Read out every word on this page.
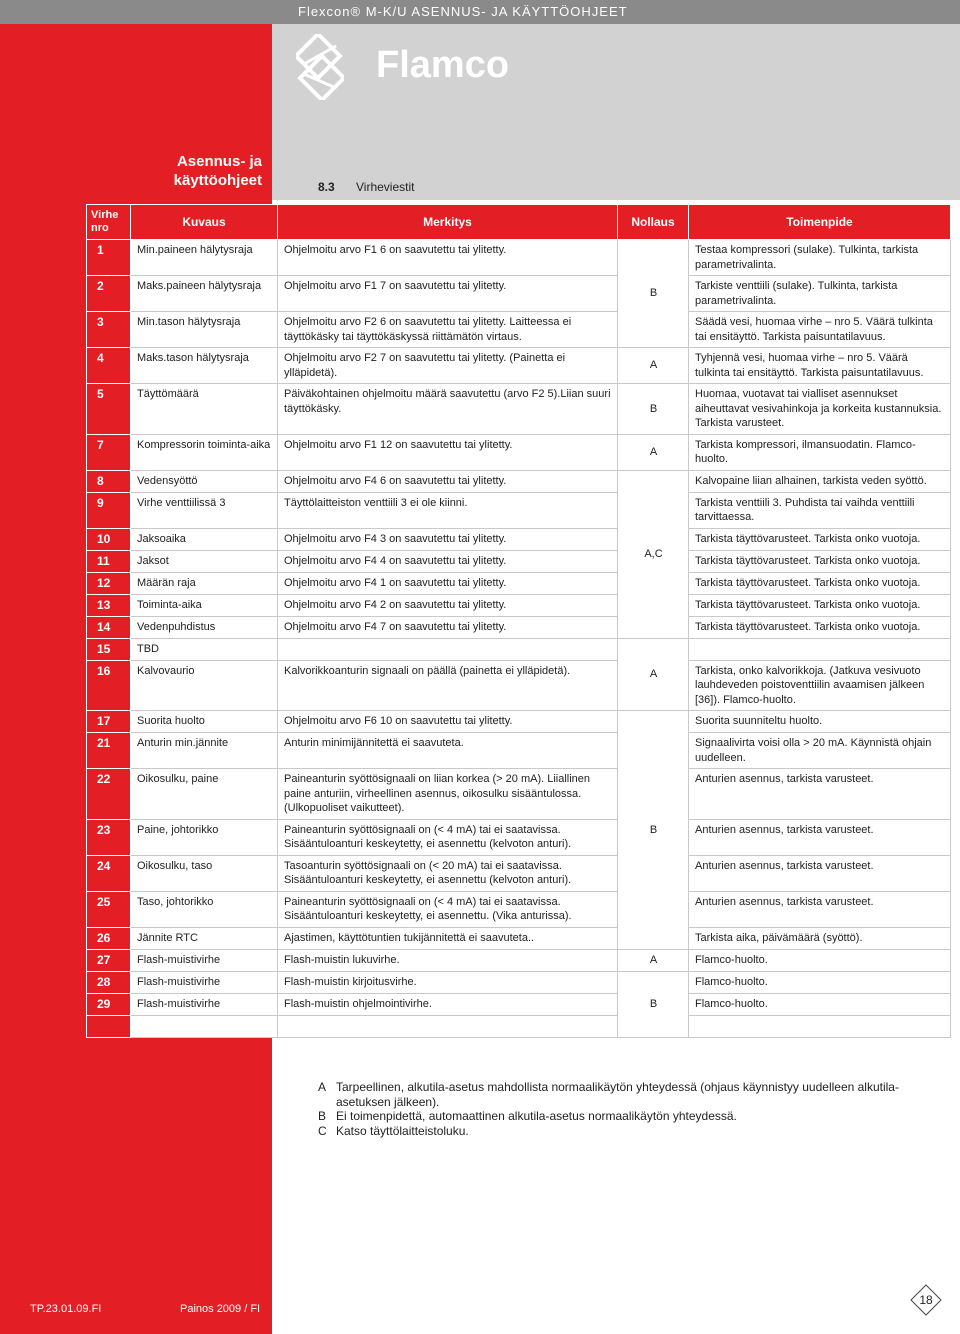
Flexcon® M-K/U ASENNUS- JA KÄYTTÖOHJEET
Flamco
Asennus- ja
käyttöohjeet	8.3 Virheviestit
Virhe
nro	Kuvaus	Merkitys	Nollaus	Toimenpide
1	Min.paineen hälytysraja	Ohjelmoitu arvo F1 6 on saavutettu tai ylitetty.	B	Testaa kompressori (sulake). Tulkinta, tarkista parametrivalinta.
2	Maks.paineen hälytysraja	Ohjelmoitu arvo F1 7 on saavutettu tai ylitetty.		Tarkiste venttiili (sulake). Tulkinta, tarkista parametrivalinta.
3	Min.tason hälytysraja	Ohjelmoitu arvo F2 6 on saavutettu tai ylitetty. Laitteessa ei täyttökäsky tai täyttökäskyssä riittämätön virtaus.		Säädä vesi, huomaa virhe – nro 5. Väärä tulkinta tai ensitäyttö. Tarkista paisuntatilavuus.
4	Maks.tason hälytysraja	Ohjelmoitu arvo F2 7 on saavutettu tai ylitetty. (Painetta ei ylläpidetä).	A	Tyhjennä vesi, huomaa virhe – nro 5. Väärä tulkinta tai ensitäyttö. Tarkista paisuntatilavuus.
5	Täyttömäärä	Päiväkohtainen ohjelmoitu määrä saavutettu (arvo F2 5).Liian suuri täyttökäsky.	B	Huomaa, vuotavat tai vialliset asennukset aiheuttavat vesivahinkoja ja korkeita kustannuksia. Tarkista varusteet.
7	Kompressorin toiminta-aika	Ohjelmoitu arvo F1 12 on saavutettu tai ylitetty.	A	Tarkista kompressori, ilmansuodatin. Flamco-huolto.
8	Vedensyöttö	Ohjelmoitu arvo F4 6 on saavutettu tai ylitetty.	A,C	Kalvopaine liian alhainen, tarkista veden syöttö.
9	Virhe venttiilissä 3	Täyttölaitteiston venttiili 3 ei ole kiinni.		Tarkista venttiili 3. Puhdista tai vaihda venttiili tarvittaessa.
10	Jaksoaika	Ohjelmoitu arvo F4 3 on saavutettu tai ylitetty.		Tarkista täyttövarusteet. Tarkista onko vuotoja.
11	Jaksot	Ohjelmoitu arvo F4 4 on saavutettu tai ylitetty.		Tarkista täyttövarusteet. Tarkista onko vuotoja.
12	Määrän raja	Ohjelmoitu arvo F4 1 on saavutettu tai ylitetty.		Tarkista täyttövarusteet. Tarkista onko vuotoja.
13	Toiminta-aika	Ohjelmoitu arvo F4 2 on saavutettu tai ylitetty.		Tarkista täyttövarusteet. Tarkista onko vuotoja.
14	Vedenpuhdistus	Ohjelmoitu arvo F4 7 on saavutettu tai ylitetty.		Tarkista täyttövarusteet. Tarkista onko vuotoja.
15	TBD		A	
16	Kalvovaurio	Kalvorikkoanturin signaali on päällä (painetta ei ylläpidetä).		Tarkista, onko kalvorikkoja. (Jatkuva vesivuoto lauhdeveden poistoventtiilin avaamisen jälkeen [36]). Flamco-huolto.
17	Suorita huolto	Ohjelmoitu arvo F6 10 on saavutettu tai ylitetty.	B	Suorita suunniteltu huolto.
21	Anturin min.jännite	Anturin minimijännitettä ei saavuteta.		Signaalivirta voisi olla > 20 mA. Käynnistä ohjain uudelleen.
22	Oikosulku, paine	Paineanturin syöttösignaali on liian korkea (> 20 mA). Liiallinen paine anturiin, virheellinen asennus, oikosulku sisääntulossa. (Ulkopuoliset vaikutteet).		Anturien asennus, tarkista varusteet.
23	Paine, johtorikko	Paineanturin syöttösignaali on (< 4 mA) tai ei saatavissa. Sisääntuloanturi keskeytetty, ei asennettu (kelvoton anturi).		Anturien asennus, tarkista varusteet.
24	Oikosulku, taso	Tasoanturin syöttösignaali on (< 20 mA) tai ei saatavissa. Sisääntuloanturi keskeytetty, ei asennettu (kelvoton anturi).		Anturien asennus, tarkista varusteet.
25	Taso, johtorikko	Paineanturin syöttösignaali on (< 4 mA) tai ei saatavissa. Sisääntuloanturi keskeytetty, ei asennettu. (Vika anturissa).		Anturien asennus, tarkista varusteet.
26	Jännite RTC	Ajastimen, käyttötuntien tukijännitettä ei saavuteta..		Tarkista aika, päivämäärä (syöttö).
27	Flash-muistivirhe	Flash-muistin lukuvirhe.	A	Flamco-huolto.
28	Flash-muistivirhe	Flash-muistin kirjoitusvirhe.	B	Flamco-huolto.
29	Flash-muistivirhe	Flash-muistin ohjelmointivirhe.		Flamco-huolto.

A Tarpeellinen, alkutila-asetus mahdollista normaalikäytön yhteydessä (ohjaus käynnistyy uudelleen alkutila-asetuksen jälkeen).
B Ei toimenpidettä, automaattinen alkutila-asetus normaalikäytön yhteydessä.
C Katso täyttölaitteistoluku.
TP.23.01.09.FI	Painos 2009 / FI
18
